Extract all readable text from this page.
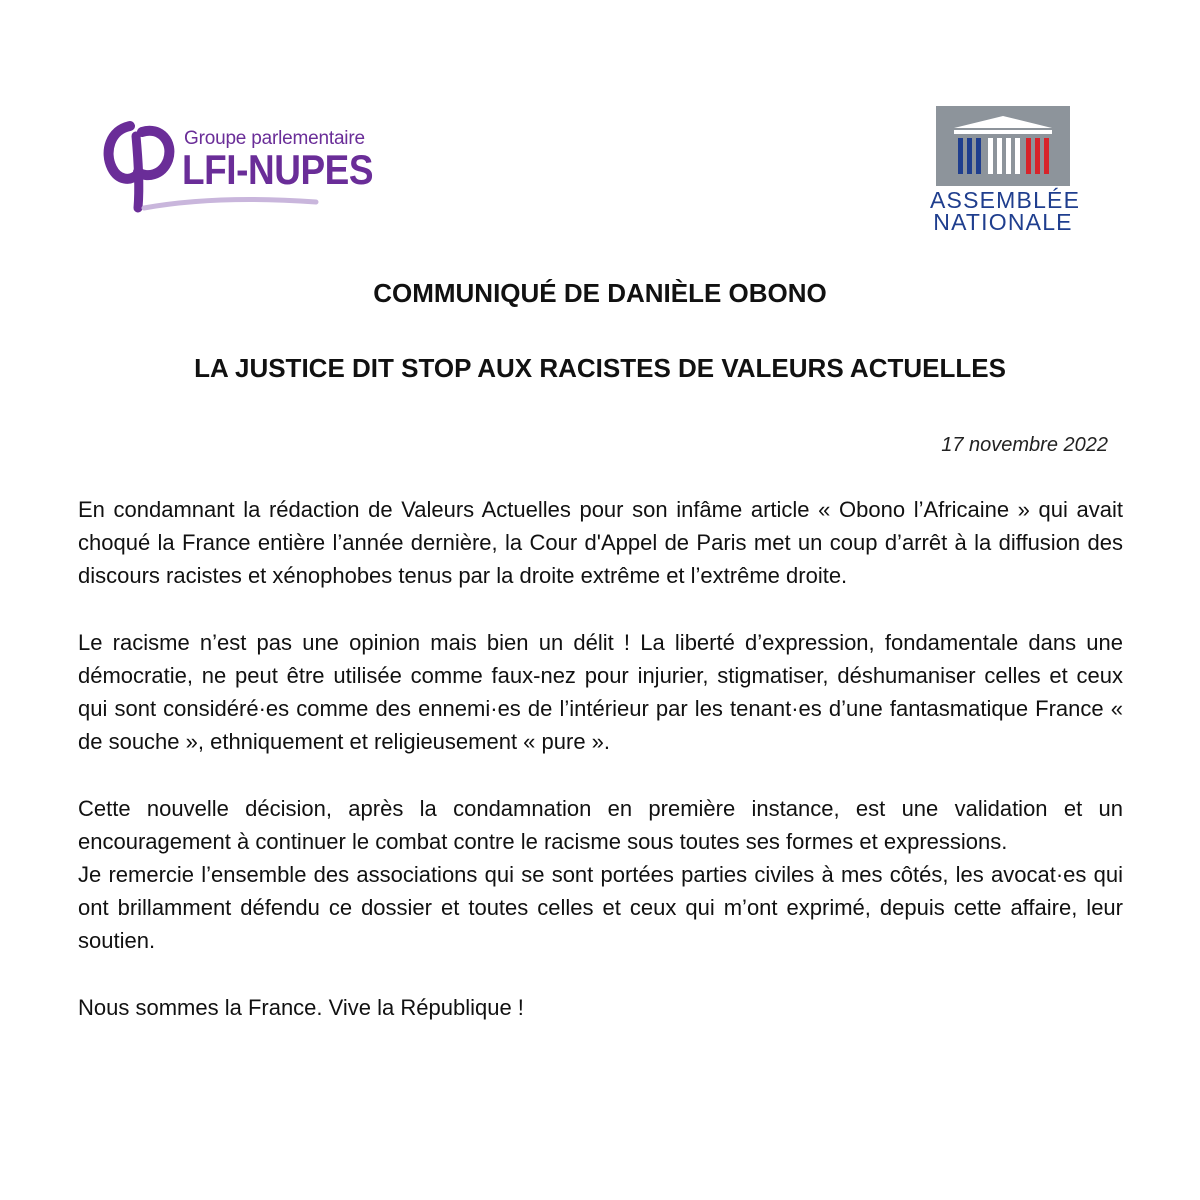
Groupe parlementaire
LFI-NUPES
ASSEMBLÉE
NATIONALE
COMMUNIQUÉ DE DANIÈLE OBONO
LA JUSTICE DIT STOP AUX RACISTES DE VALEURS ACTUELLES
17 novembre 2022
En condamnant la rédaction de Valeurs Actuelles pour son infâme article « Obono l’Africaine » qui avait choqué la France entière l’année dernière, la Cour d'Appel de Paris met un coup d’arrêt à la diffusion des discours racistes et xénophobes tenus par la droite extrême et l’extrême droite.
Le racisme n’est pas une opinion mais bien un délit ! La liberté d’expression, fondamentale dans une démocratie, ne peut être utilisée comme faux-nez pour injurier, stigmatiser, déshumaniser celles et ceux qui sont considéré·es comme des ennemi·es de l’intérieur par les tenant·es d’une fantasmatique France « de souche », ethniquement et religieusement « pure ».
Cette nouvelle décision, après la condamnation en première instance, est une validation et un encouragement à continuer le combat contre le racisme sous toutes ses formes et expressions.
Je remercie l’ensemble des associations qui se sont portées parties civiles à mes côtés, les avocat·es qui ont brillamment défendu ce dossier et toutes celles et ceux qui m’ont exprimé, depuis cette affaire, leur soutien.
Nous sommes la France. Vive la République !
